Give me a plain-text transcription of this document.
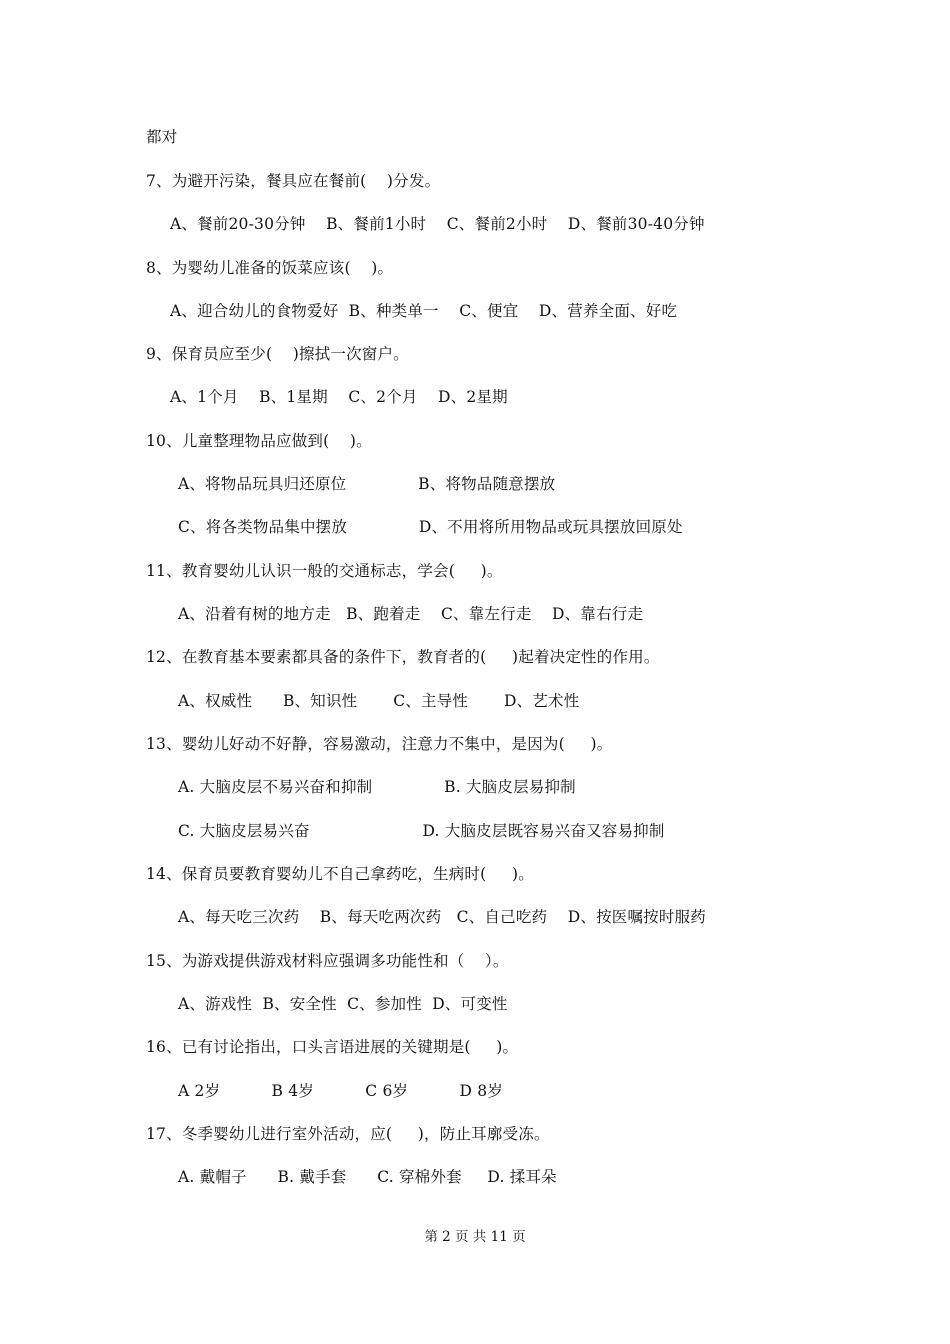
都对
7、为避开污染，餐具应在餐前(    )分发。
A、餐前20-30分钟    B、餐前1小时    C、餐前2小时    D、餐前30-40分钟
8、为婴幼儿准备的饭菜应该(    )。
A、迎合幼儿的食物爱好  B、种类单一    C、便宜    D、营养全面、好吃
9、保育员应至少(    )擦拭一次窗户。
A、1个月    B、1星期    C、2个月    D、2星期
10、儿童整理物品应做到(    )。
A、将物品玩具归还原位              B、将物品随意摆放
C、将各类物品集中摆放              D、不用将所用物品或玩具摆放回原处
11、教育婴幼儿认识一般的交通标志，学会(     )。
A、沿着有树的地方走   B、跑着走    C、靠左行走    D、靠右行走
12、在教育基本要素都具备的条件下，教育者的(     )起着决定性的作用。
A、权威性      B、知识性       C、主导性       D、艺术性
13、婴幼儿好动不好静，容易激动，注意力不集中，是因为(     )。
A. 大脑皮层不易兴奋和抑制              B. 大脑皮层易抑制
C. 大脑皮层易兴奋                      D. 大脑皮层既容易兴奋又容易抑制
14、保育员要教育婴幼儿不自己拿药吃，生病时(     )。
A、每天吃三次药    B、每天吃两次药   C、自己吃药    D、按医嘱按时服药
15、为游戏提供游戏材料应强调多功能性和（    ）。
A、游戏性  B、安全性  C、参加性  D、可变性
16、已有讨论指出，口头言语进展的关键期是(     )。
A 2岁          B 4岁          C 6岁          D 8岁
17、冬季婴幼儿进行室外活动，应(     )，防止耳廓受冻。
A. 戴帽子      B. 戴手套      C. 穿棉外套     D. 揉耳朵
第 2 页 共 11 页
